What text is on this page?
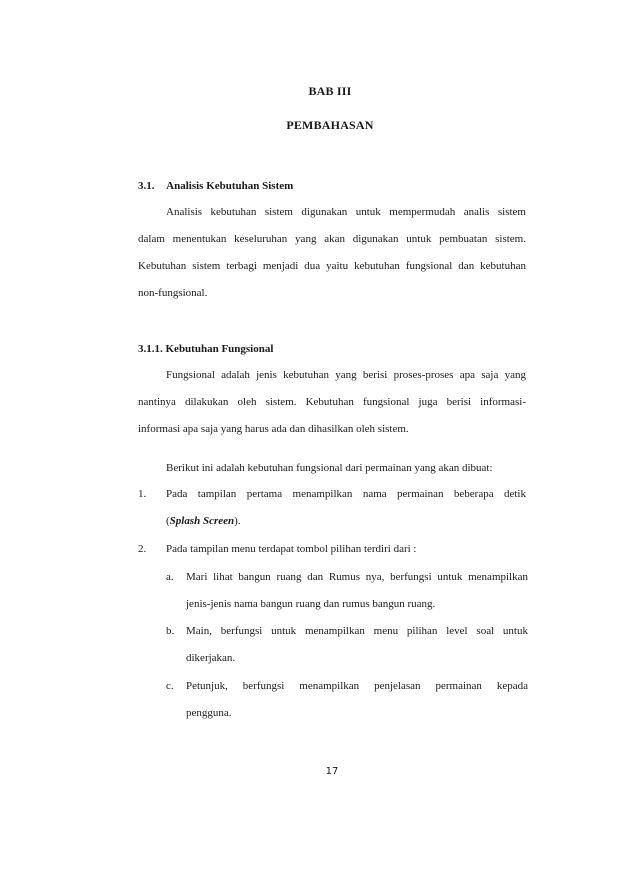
BAB III
PEMBAHASAN
3.1. Analisis Kebutuhan Sistem
Analisis kebutuhan sistem digunakan untuk mempermudah analis sistem
dalam menentukan keseluruhan yang akan digunakan untuk pembuatan sistem.
Kebutuhan sistem terbagi menjadi dua yaitu kebutuhan fungsional dan kebutuhan
non-fungsional.
3.1.1. Kebutuhan Fungsional
Fungsional adalah jenis kebutuhan yang berisi proses-proses apa saja yang
nantinya dilakukan oleh sistem. Kebutuhan fungsional juga berisi informasi-
informasi apa saja yang harus ada dan dihasilkan oleh sistem.
Berikut ini adalah kebutuhan fungsional dari permainan yang akan dibuat:
1. Pada tampilan pertama menampilkan nama permainan beberapa detik
(Splash Screen).
2. Pada tampilan menu terdapat tombol pilihan terdiri dari :
a. Mari lihat bangun ruang dan Rumus nya, berfungsi untuk menampilkan
jenis-jenis nama bangun ruang dan rumus bangun ruang.
b. Main, berfungsi untuk menampilkan menu pilihan level soal untuk
dikerjakan.
c. Petunjuk, berfungsi menampilkan penjelasan permainan kepada
pengguna.
17
